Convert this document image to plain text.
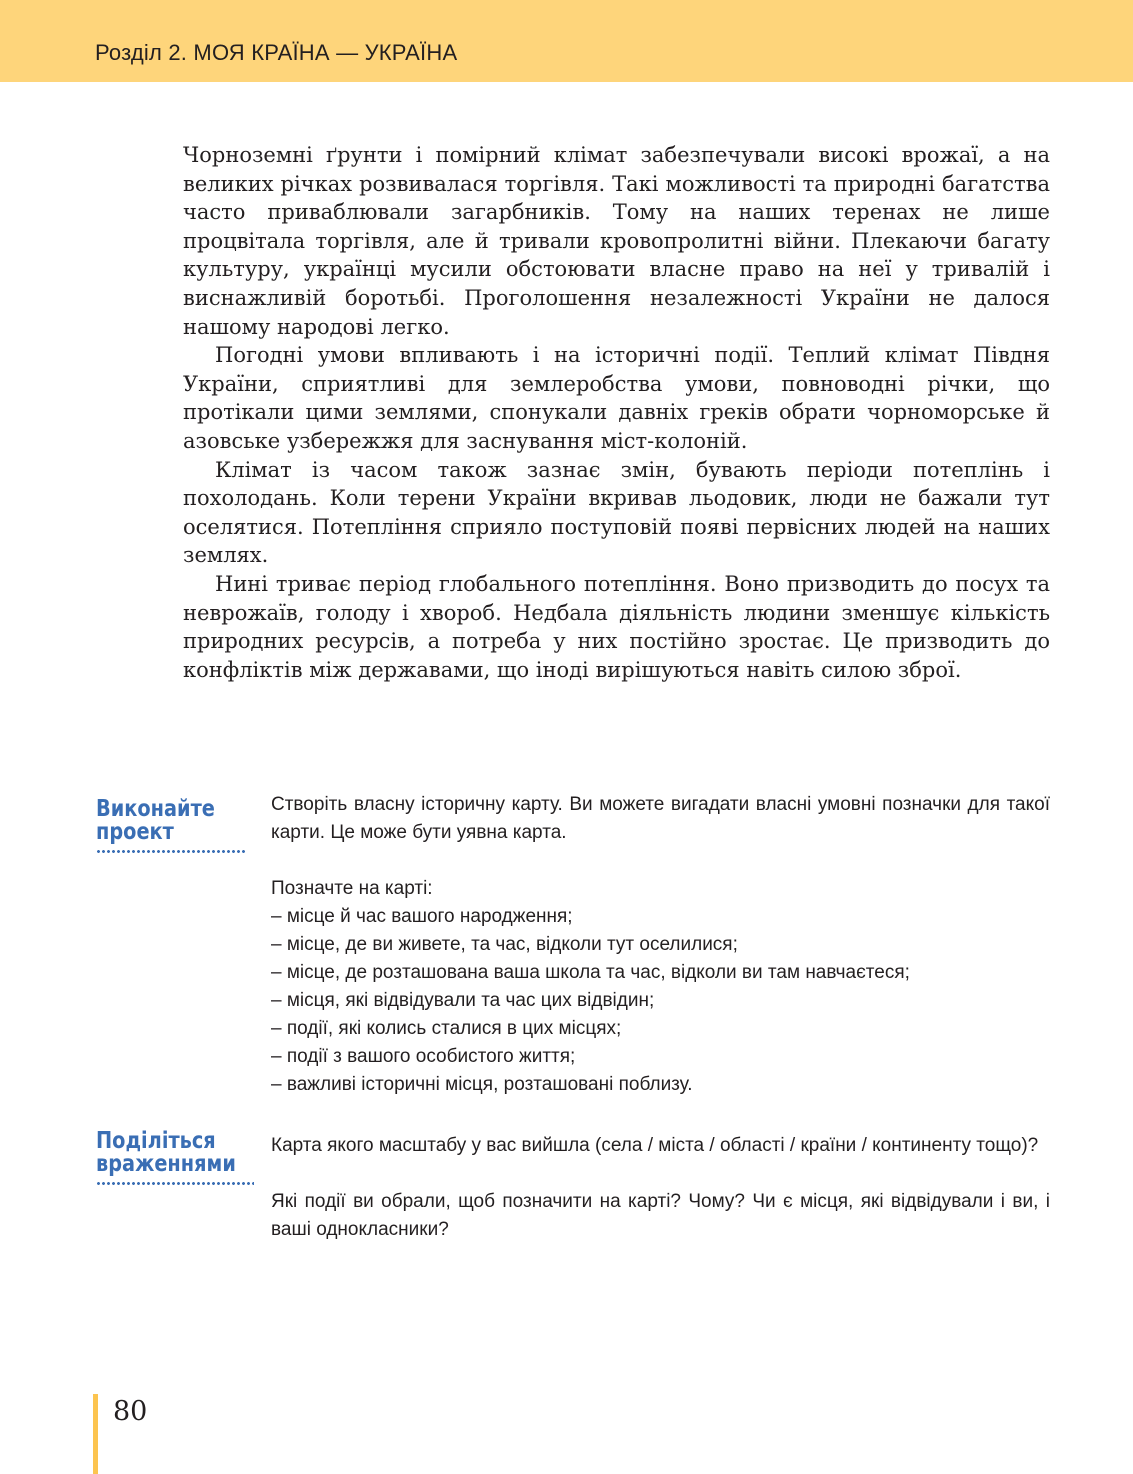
Розділ 2. МОЯ КРАЇНА — УКРАЇНА

Чорноземні ґрунти і помірний клімат забезпечували високі врожаї, а на великих річках розвивалася торгівля. Такі можливості та природні багатства часто приваблювали загарбників. Тому на наших теренах не лише процвітала торгівля, але й тривали кровопролитні війни. Плекаючи багату культуру, українці мусили обстоювати власне право на неї у тривалій і виснажливій боротьбі. Проголошення незалежності України не далося нашому народові легко.

Погодні умови впливають і на історичні події. Теплий клімат Півдня України, сприятливі для землеробства умови, повноводні річки, що протікали цими землями, спонукали давніх греків обрати чорноморське й азовське узбережжя для заснування міст-колоній.

Клімат із часом також зазнає змін, бувають періоди потеплінь і похолодань. Коли терени України вкривав льодовик, люди не бажали тут оселятися. Потепління сприяло поступовій появі первісних людей на наших землях.

Нині триває період глобального потепління. Воно призводить до посух та неврожаїв, голоду і хвороб. Недбала діяльність людини зменшує кількість природних ресурсів, а потреба у них постійно зростає. Це призводить до конфліктів між державами, що іноді вирішуються навіть силою зброї.

Виконайте
проект

Створіть власну історичну карту. Ви можете вигадати власні умовні позначки для такої карти. Це може бути уявна карта.

Позначте на карті:
– місце й час вашого народження;
– місце, де ви живете, та час, відколи тут оселилися;
– місце, де розташована ваша школа та час, відколи ви там навчаєтеся;
– місця, які відвідували та час цих відвідин;
– події, які колись сталися в цих місцях;
– події з вашого особистого життя;
– важливі історичні місця, розташовані поблизу.
Поділіться
враженнями

Карта якого масштабу у вас вийшла (села / міста / області / країни / континенту тощо)?

Які події ви обрали, щоб позначити на карті? Чому? Чи є місця, які відвідували і ви, і ваші однокласники?

80
